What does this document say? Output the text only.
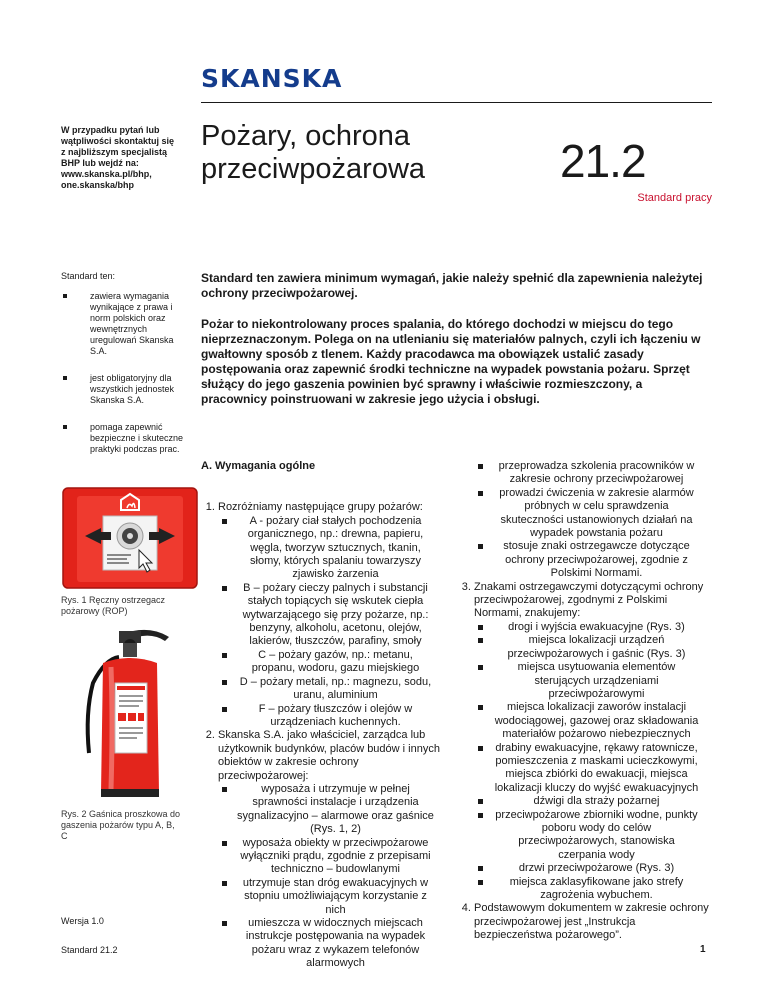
SKANSKA
W przypadku pytań lub wątpliwości skontaktuj się z najbliższym specjalistą BHP lub wejdź na: www.skanska.pl/bhp, one.skanska/bhp
Pożary, ochrona
przeciwpożarowa	21.2
Standard pracy
Standard ten:
zawiera wymagania wynikające z prawa i norm polskich oraz wewnętrznych uregulowań Skanska S.A.
jest obligatoryjny dla wszystkich jednostek Skanska S.A.
pomaga zapewnić bezpieczne i skuteczne praktyki podczas prac.

Standard ten zawiera minimum wymagań, jakie należy spełnić dla zapewnienia należytej ochrony przeciwpożarowej.

Pożar to niekontrolowany proces spalania, do którego dochodzi w miejscu do tego nieprzeznaczonym. Polega on na utlenianiu się materiałów palnych, czyli ich łączeniu w gwałtowny sposób z tlenem. Każdy pracodawca ma obowiązek ustalić zasady postępowania oraz zapewnić środki techniczne na wypadek powstania pożaru. Sprzęt służący do jego gaszenia powinien być sprawny i właściwie rozmieszczony, a pracownicy poinstruowani w zakresie jego użycia i obsługi.

Rys. 1 Ręczny ostrzegacz pożarowy (ROP)
Rys. 2 Gaśnica proszkowa do gaszenia pożarów typu A, B, C
A. Wymagania ogólne
1. Rozróżniamy następujące grupy pożarów:
A - pożary ciał stałych pochodzenia organicznego, np.: drewna, papieru, węgla, tworzyw sztucznych, tkanin, słomy, których spalaniu towarzyszy zjawisko żarzenia
B – pożary cieczy palnych i substancji stałych topiących się wskutek ciepła wytwarzającego się przy pożarze, np.: benzyny, alkoholu, acetonu, olejów, lakierów, tłuszczów, parafiny, smoły
C – pożary gazów, np.: metanu, propanu, wodoru, gazu miejskiego
D – pożary metali, np.: magnezu, sodu, uranu, aluminium
F – pożary tłuszczów i olejów w urządzeniach kuchennych.
2. Skanska S.A. jako właściciel, zarządca lub użytkownik budynków, placów budów i innych obiektów w zakresie ochrony przeciwpożarowej:
wyposaża i utrzymuje w pełnej sprawności instalacje i urządzenia sygnalizacyjno – alarmowe oraz gaśnice (Rys. 1, 2)
wyposaża obiekty w przeciwpożarowe wyłączniki prądu, zgodnie z przepisami techniczno – budowlanymi
utrzymuje stan dróg ewakuacyjnych w stopniu umożliwiającym korzystanie z nich
umieszcza w widocznych miejscach instrukcje postępowania na wypadek pożaru wraz z wykazem telefonów alarmowych
przeprowadza szkolenia pracowników w zakresie ochrony przeciwpożarowej
prowadzi ćwiczenia w zakresie alarmów próbnych w celu sprawdzenia skuteczności ustanowionych działań na wypadek powstania pożaru
stosuje znaki ostrzegawcze dotyczące ochrony przeciwpożarowej, zgodnie z Polskimi Normami.
3. Znakami ostrzegawczymi dotyczącymi ochrony przeciwpożarowej, zgodnymi z Polskimi Normami, znakujemy:
drogi i wyjścia ewakuacyjne (Rys. 3)
miejsca lokalizacji urządzeń przeciwpożarowych i gaśnic (Rys. 3)
miejsca usytuowania elementów sterujących urządzeniami przeciwpożarowymi
miejsca lokalizacji zaworów instalacji wodociągowej, gazowej oraz składowania materiałów pożarowo niebezpiecznych
drabiny ewakuacyjne, rękawy ratownicze, pomieszczenia z maskami ucieczkowymi, miejsca zbiórki do ewakuacji, miejsca lokalizacji kluczy do wyjść ewakuacyjnych
dźwigi dla straży pożarnej
przeciwpożarowe zbiorniki wodne, punkty poboru wody do celów przeciwpożarowych, stanowiska czerpania wody
drzwi przeciwpożarowe (Rys. 3)
miejsca zaklasyfikowane jako strefy zagrożenia wybuchem.
4. Podstawowym dokumentem w zakresie ochrony przeciwpożarowej jest „Instrukcja bezpieczeństwa pożarowego”.
Wersja 1.0
Standard 21.2	1
